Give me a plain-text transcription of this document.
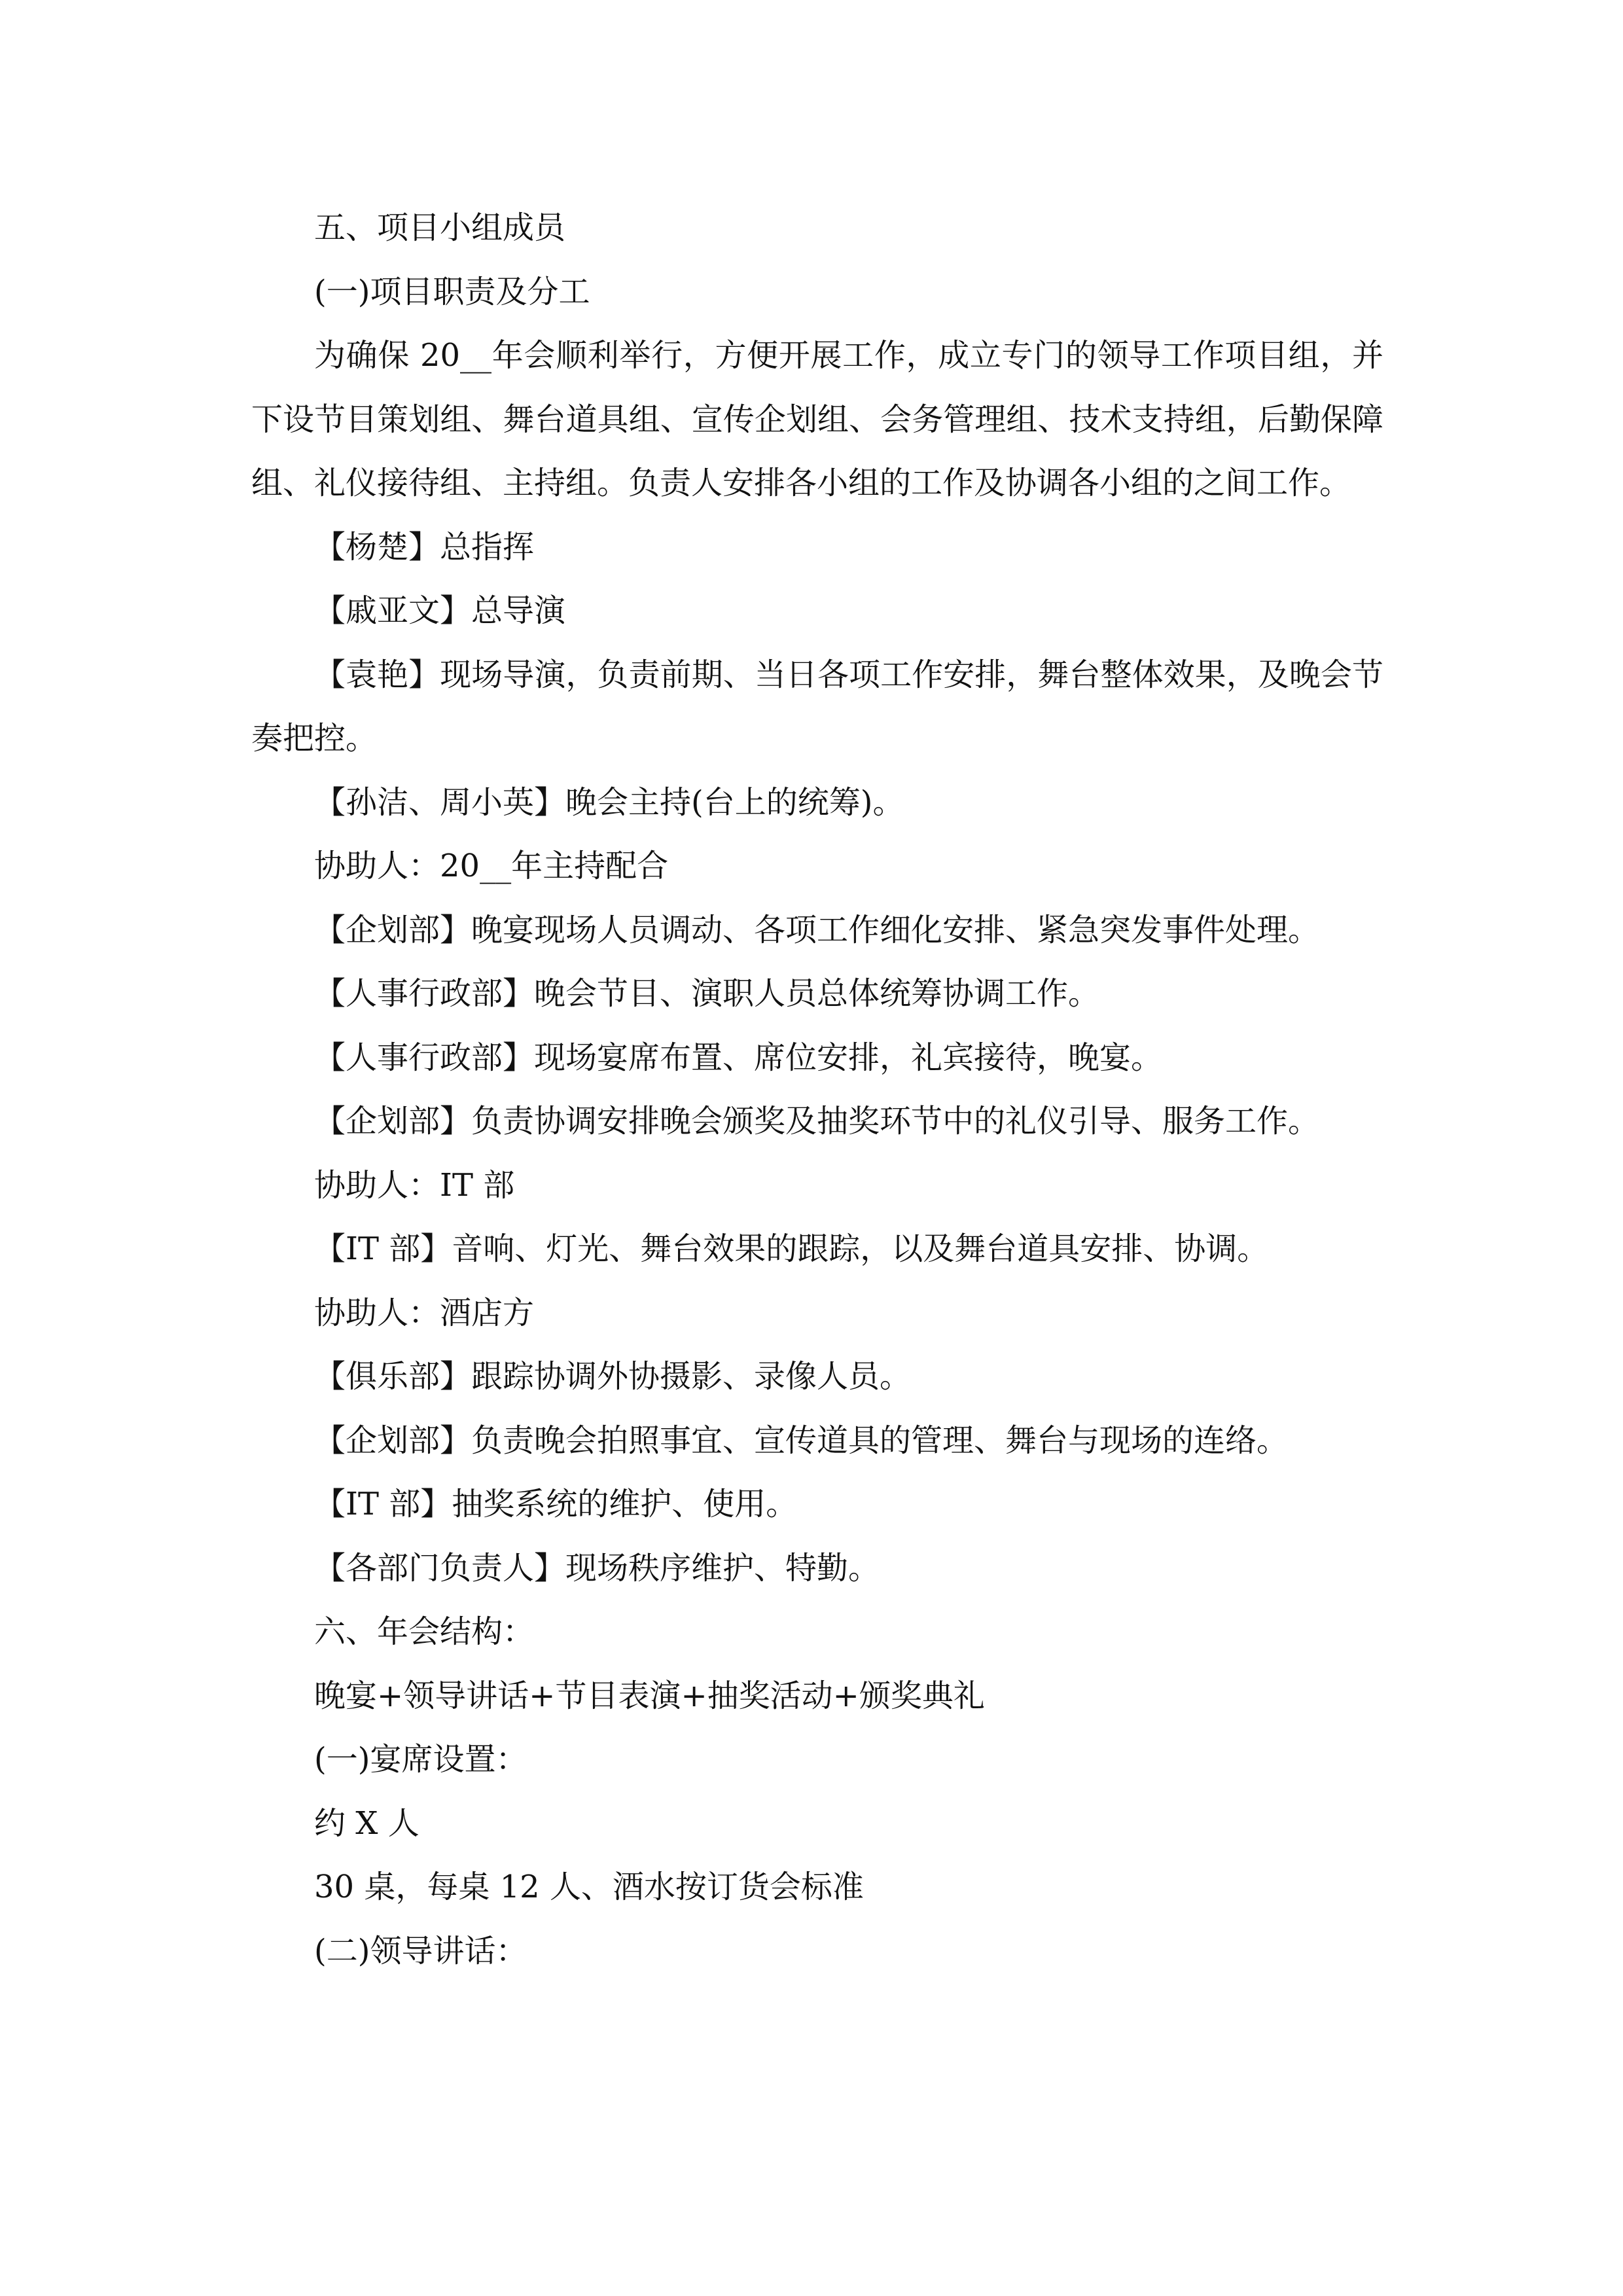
五、项目小组成员

(一)项目职责及分工

为确保 20__年会顺利举行，方便开展工作，成立专门的领导工作项目组，并下设节目策划组、舞台道具组、宣传企划组、会务管理组、技术支持组，后勤保障组、礼仪接待组、主持组。负责人安排各小组的工作及协调各小组的之间工作。

【杨楚】总指挥

【戚亚文】总导演

【袁艳】现场导演，负责前期、当日各项工作安排，舞台整体效果，及晚会节奏把控。

【孙洁、周小英】晚会主持(台上的统筹)。

协助人：20__年主持配合

【企划部】晚宴现场人员调动、各项工作细化安排、紧急突发事件处理。

【人事行政部】晚会节目、演职人员总体统筹协调工作。

【人事行政部】现场宴席布置、席位安排，礼宾接待，晚宴。

【企划部】负责协调安排晚会颁奖及抽奖环节中的礼仪引导、服务工作。

协助人：IT 部

【IT 部】音响、灯光、舞台效果的跟踪，以及舞台道具安排、协调。

协助人：酒店方

【俱乐部】跟踪协调外协摄影、录像人员。

【企划部】负责晚会拍照事宜、宣传道具的管理、舞台与现场的连络。

【IT 部】抽奖系统的维护、使用。

【各部门负责人】现场秩序维护、特勤。

六、年会结构：

晚宴+领导讲话+节目表演+抽奖活动+颁奖典礼

(一)宴席设置：

约 X 人

30 桌，每桌 12 人、酒水按订货会标准

(二)领导讲话：
